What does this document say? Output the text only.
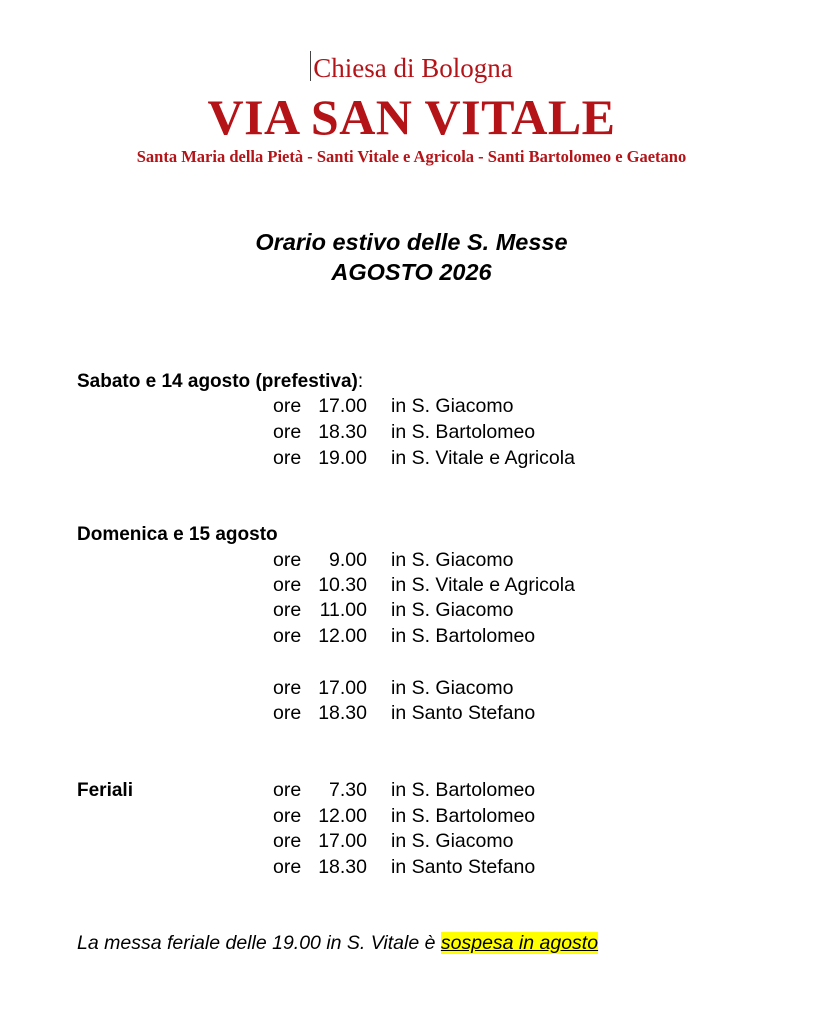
Chiesa di Bologna
VIA SAN VITALE
Santa Maria della Pietà - Santi Vitale e Agricola - Santi Bartolomeo e Gaetano
Orario estivo delle S. Messe
AGOSTO 2026
Sabato e 14 agosto (prefestiva):
ore 17.00 in S. Giacomo
ore 18.30 in S. Bartolomeo
ore 19.00 in S. Vitale e Agricola
Domenica e 15 agosto
ore	9.00 in S. Giacomo
ore 10.30 in S. Vitale e Agricola
ore 11.00 in S. Giacomo
ore 12.00 in S. Bartolomeo
ore 17.00 in S. Giacomo
ore 18.30 in Santo Stefano
Feriali	ore	7.30 in S. Bartolomeo
ore 12.00 in S. Bartolomeo
ore 17.00 in S. Giacomo
ore 18.30 in Santo Stefano
La messa feriale delle 19.00 in S. Vitale è sospesa in agosto
